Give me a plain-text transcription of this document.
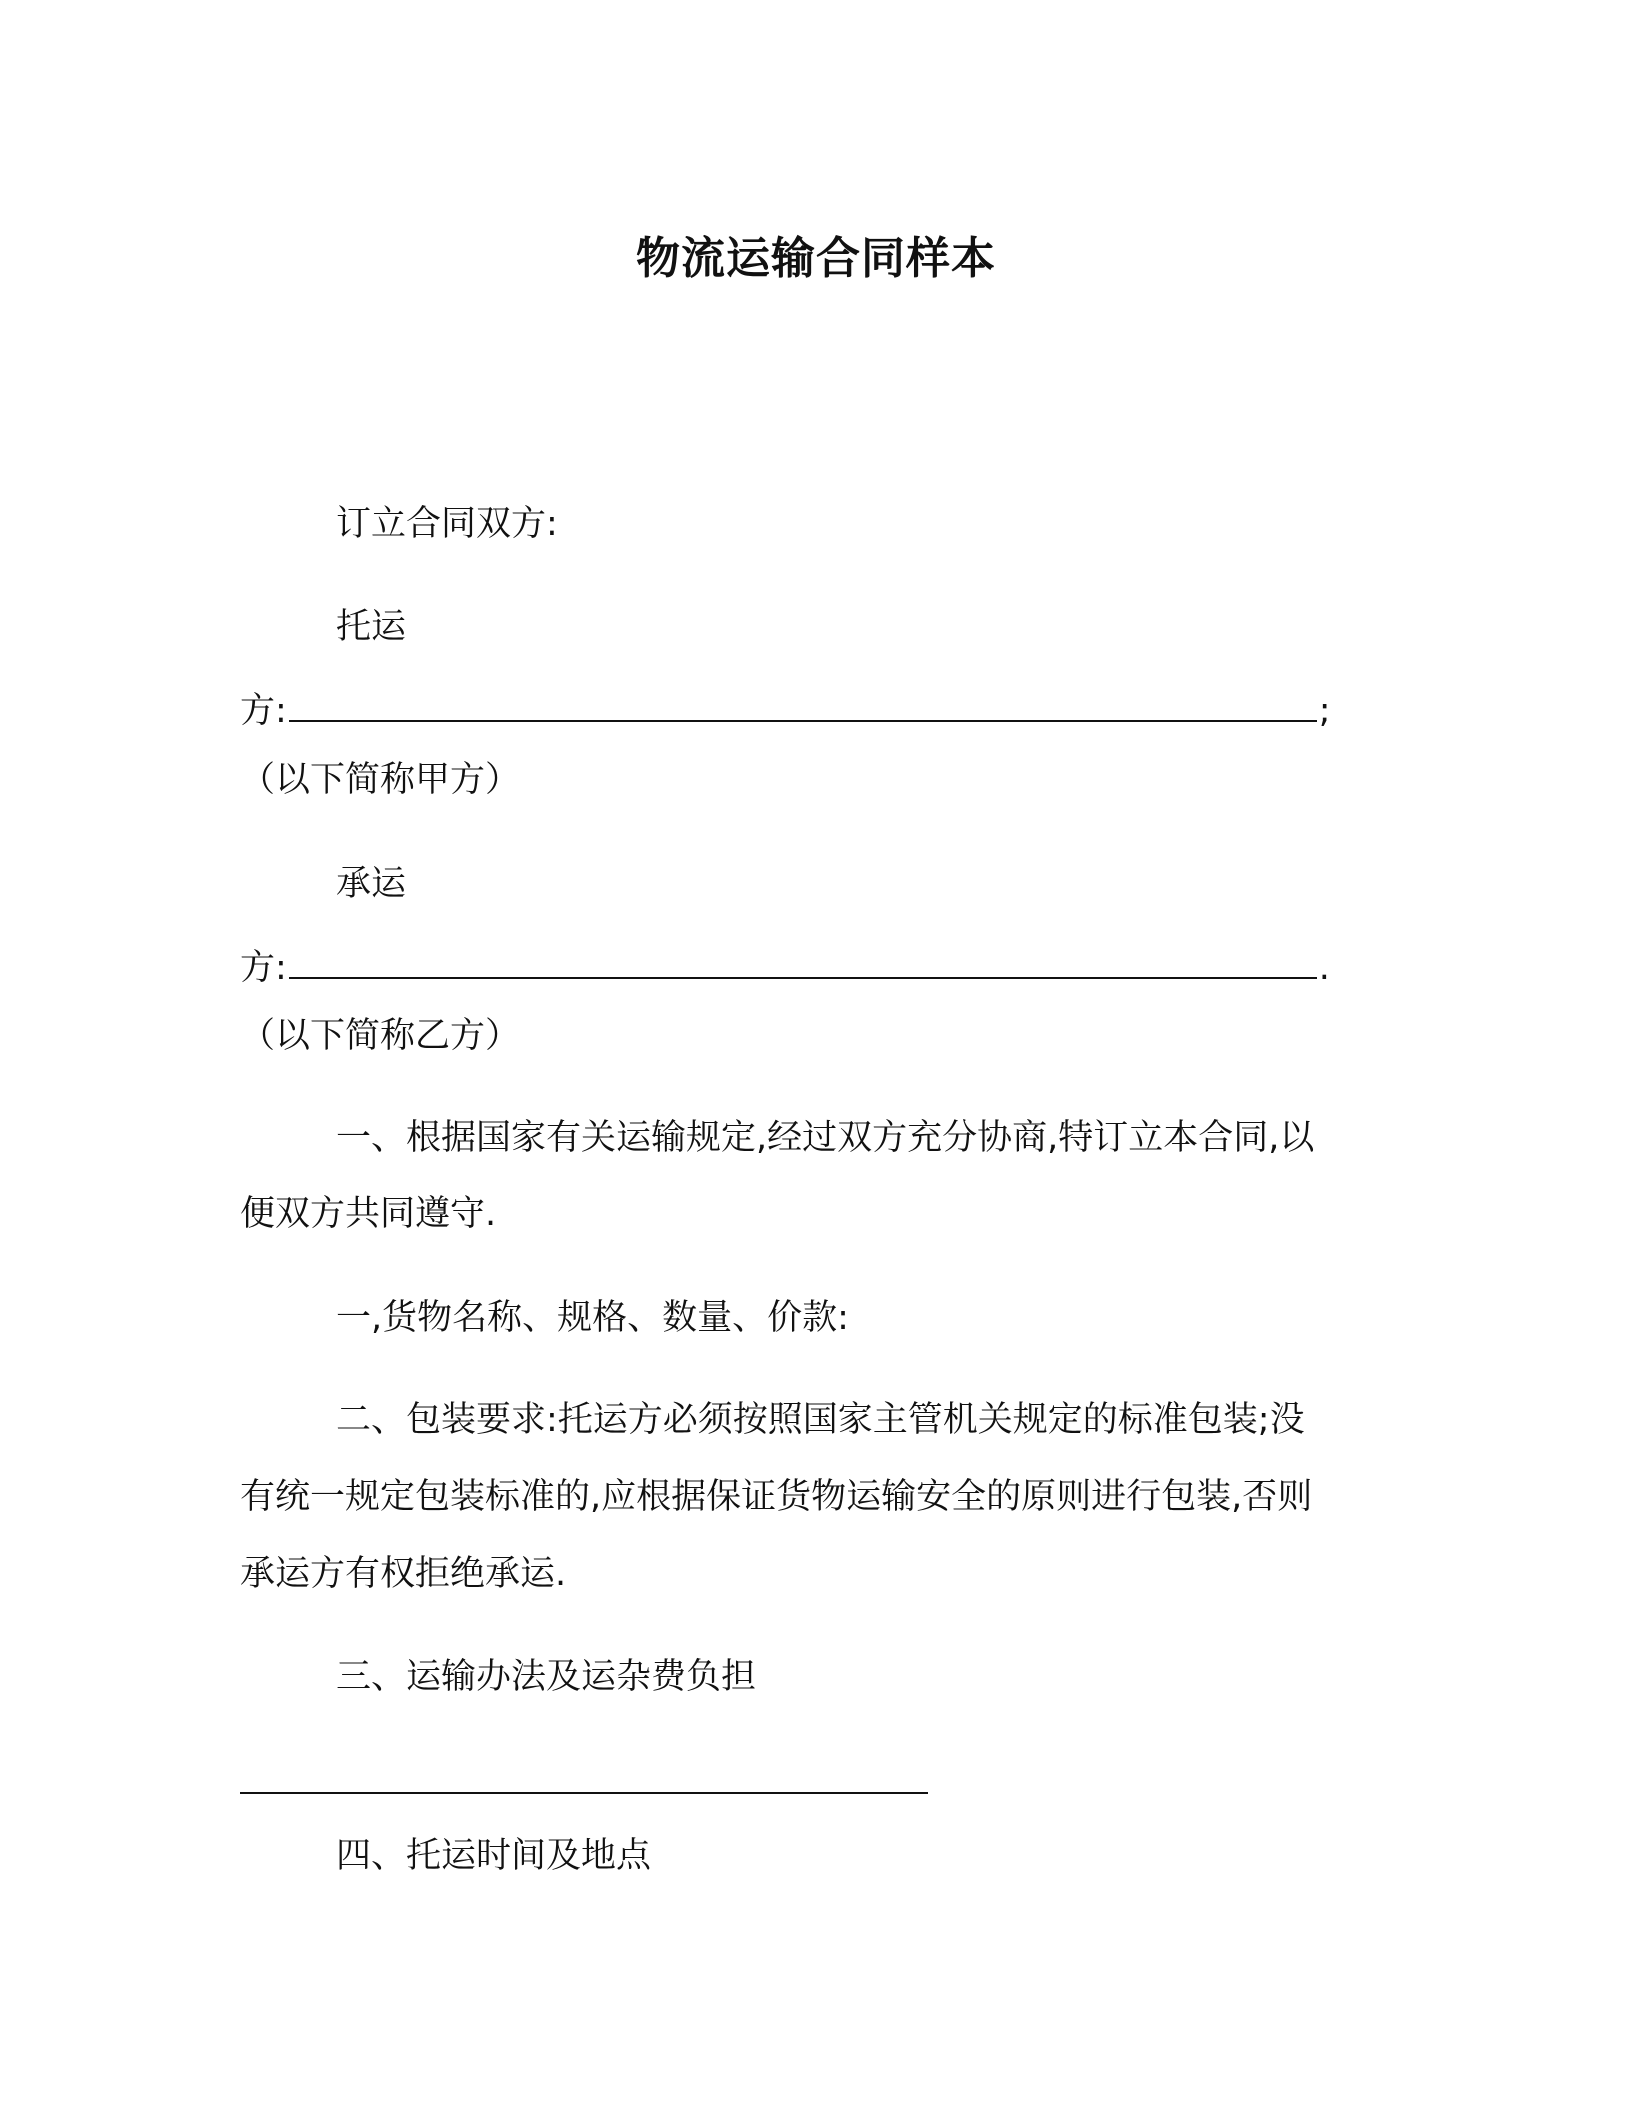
物流运输合同样本

订立合同双方:

托运

方:	;

（以下简称甲方）

承运

方:	.

（以下简称乙方）

一、根据国家有关运输规定,经过双方充分协商,特订立本合同,以

便双方共同遵守.

一,货物名称、规格、数量、价款:

二、包装要求:托运方必须按照国家主管机关规定的标准包装;没

有统一规定包装标准的,应根据保证货物运输安全的原则进行包装,否则

承运方有权拒绝承运.

三、运输办法及运杂费负担

四、托运时间及地点
